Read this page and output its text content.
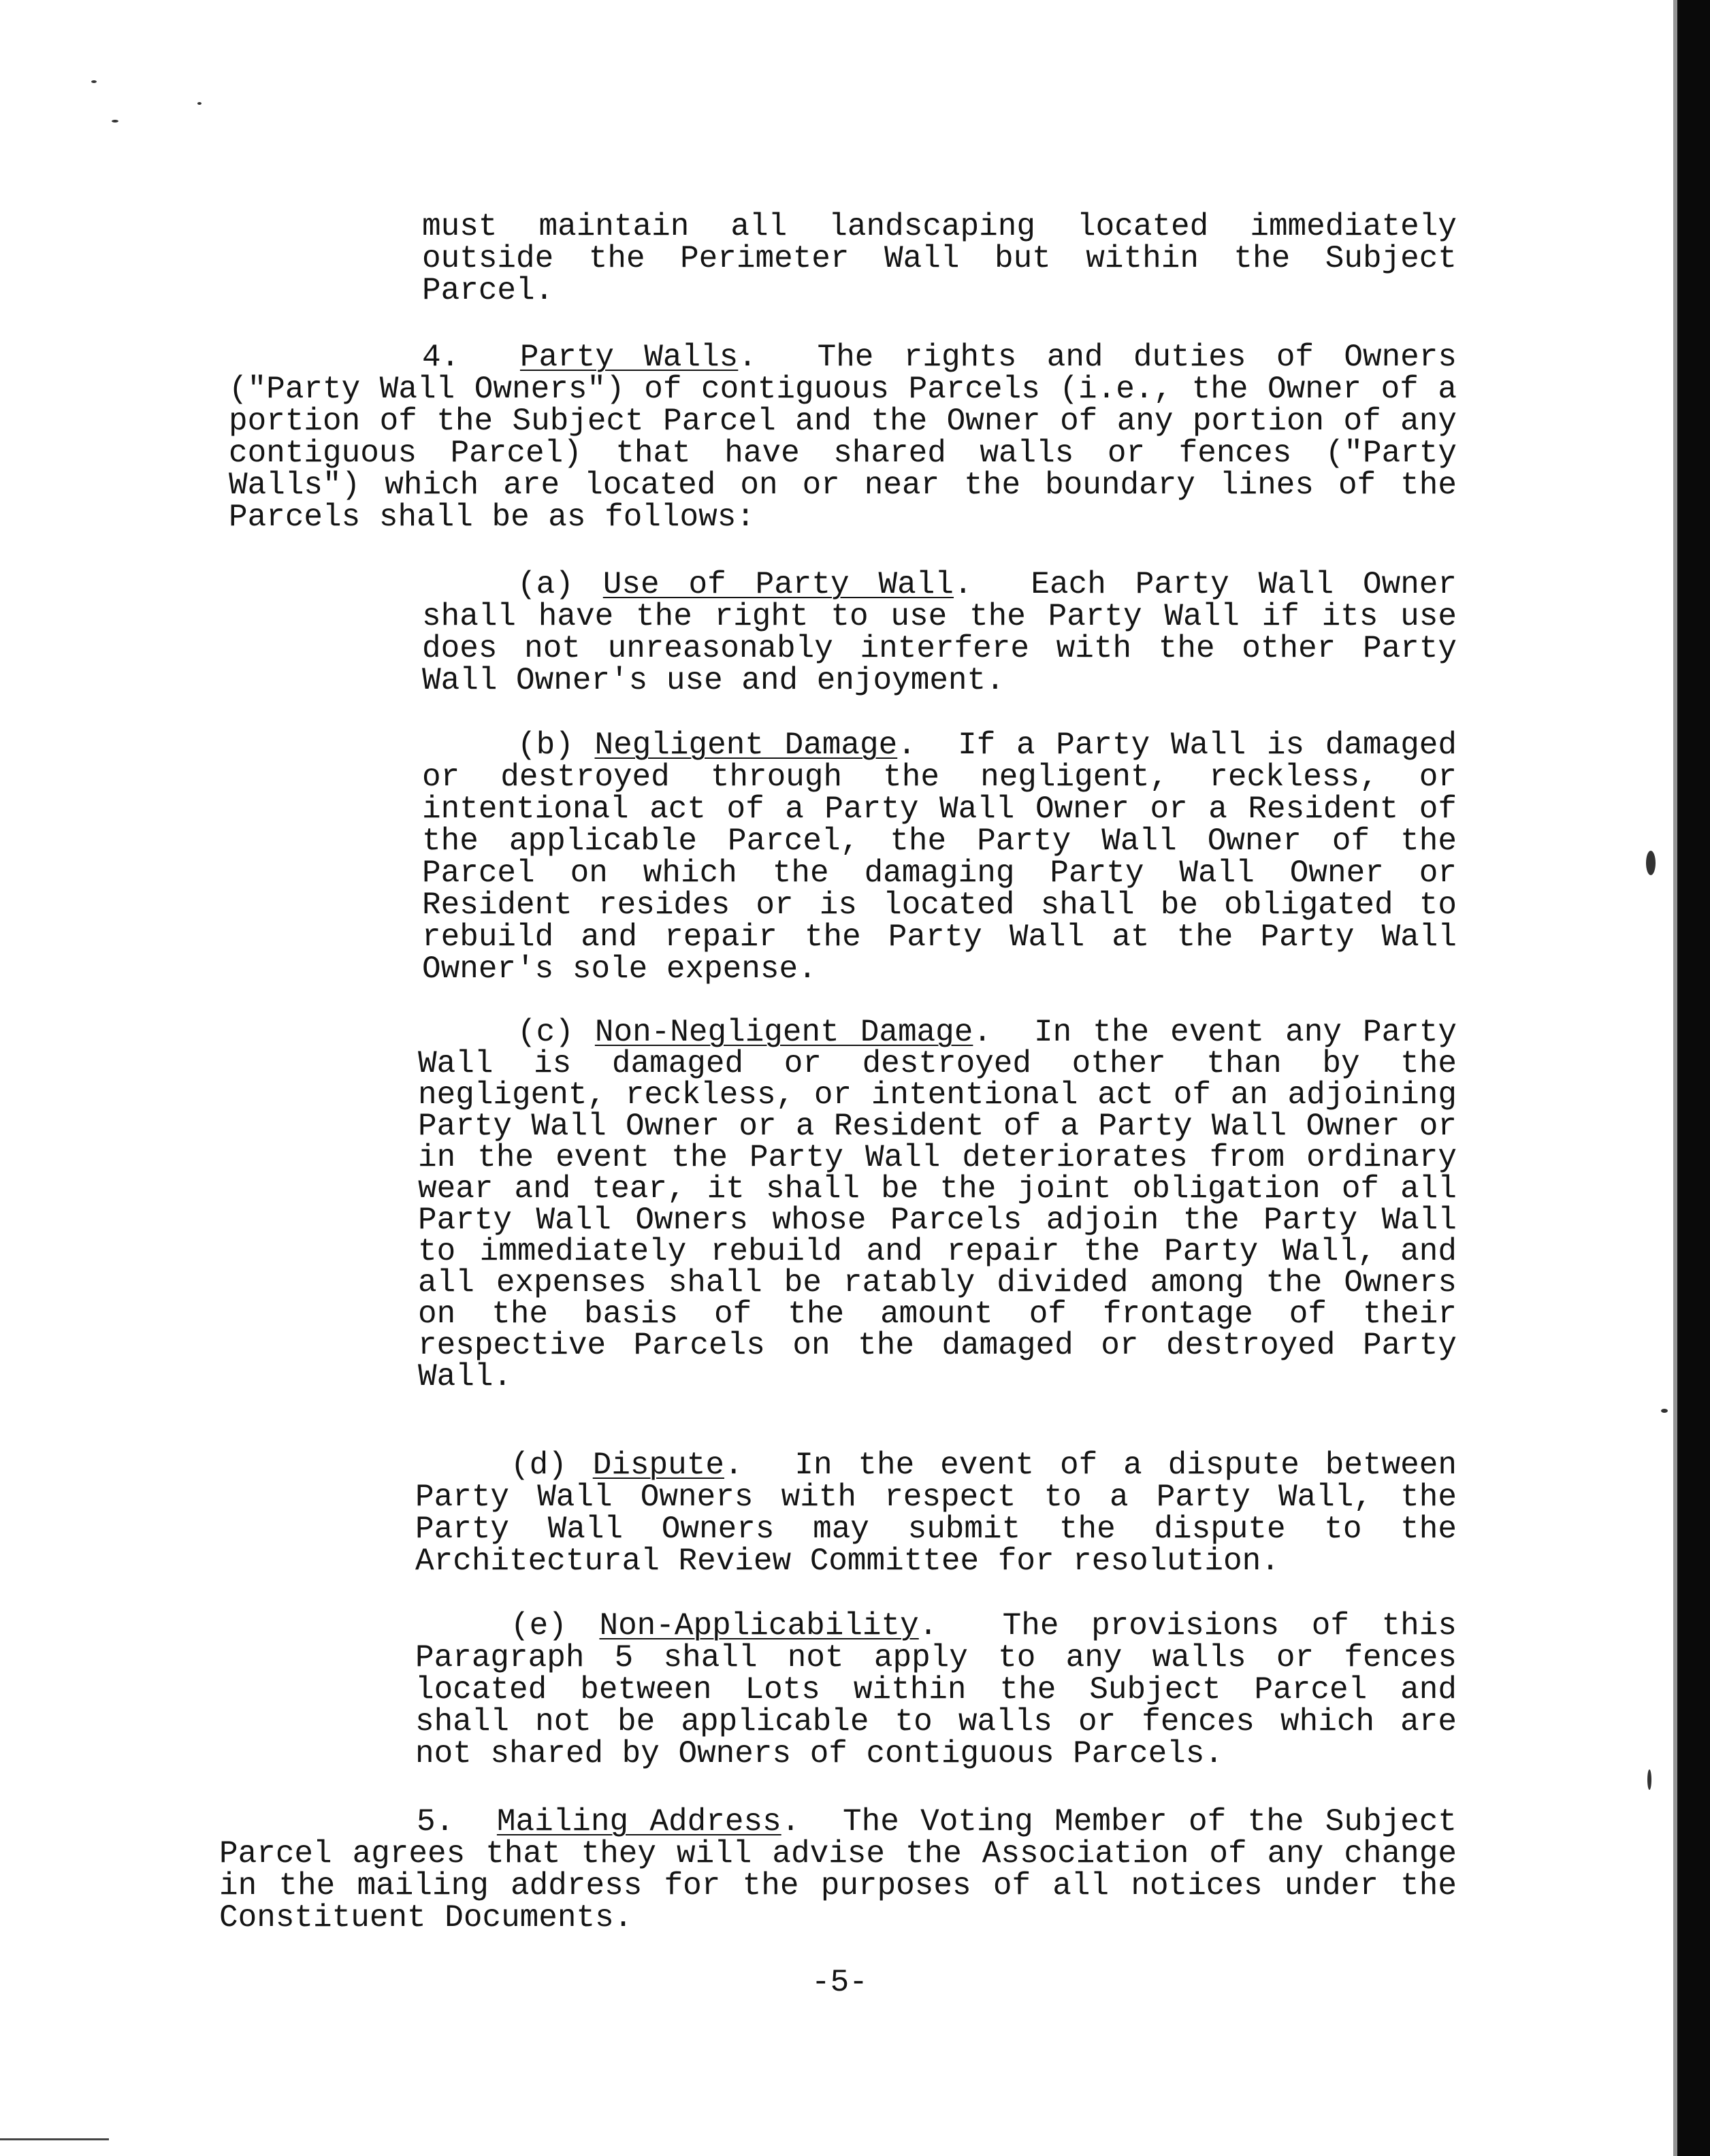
must maintain all landscaping located immediately outside the Perimeter Wall but within the Subject Parcel.
4. Party Walls. The rights and duties of Owners ("Party Wall Owners") of contiguous Parcels (i.e., the Owner of a portion of the Subject Parcel and the Owner of any portion of any contiguous Parcel) that have shared walls or fences ("Party Walls") which are located on or near the boundary lines of the Parcels shall be as follows:
(a) Use of Party Wall. Each Party Wall Owner shall have the right to use the Party Wall if its use does not unreasonably interfere with the other Party Wall Owner's use and enjoyment.
(b) Negligent Damage. If a Party Wall is damaged or destroyed through the negligent, reckless, or intentional act of a Party Wall Owner or a Resident of the applicable Parcel, the Party Wall Owner of the Parcel on which the damaging Party Wall Owner or Resident resides or is located shall be obligated to rebuild and repair the Party Wall at the Party Wall Owner's sole expense.
(c) Non-Negligent Damage. In the event any Party Wall is damaged or destroyed other than by the negligent, reckless, or intentional act of an adjoining Party Wall Owner or a Resident of a Party Wall Owner or in the event the Party Wall deteriorates from ordinary wear and tear, it shall be the joint obligation of all Party Wall Owners whose Parcels adjoin the Party Wall to immediately rebuild and repair the Party Wall, and all expenses shall be ratably divided among the Owners on the basis of the amount of frontage of their respective Parcels on the damaged or destroyed Party Wall.
(d) Dispute. In the event of a dispute between Party Wall Owners with respect to a Party Wall, the Party Wall Owners may submit the dispute to the Architectural Review Committee for resolution.
(e) Non-Applicability. The provisions of this Paragraph 5 shall not apply to any walls or fences located between Lots within the Subject Parcel and shall not be applicable to walls or fences which are not shared by Owners of contiguous Parcels.
5. Mailing Address. The Voting Member of the Subject Parcel agrees that they will advise the Association of any change in the mailing address for the purposes of all notices under the Constituent Documents.
-5-
